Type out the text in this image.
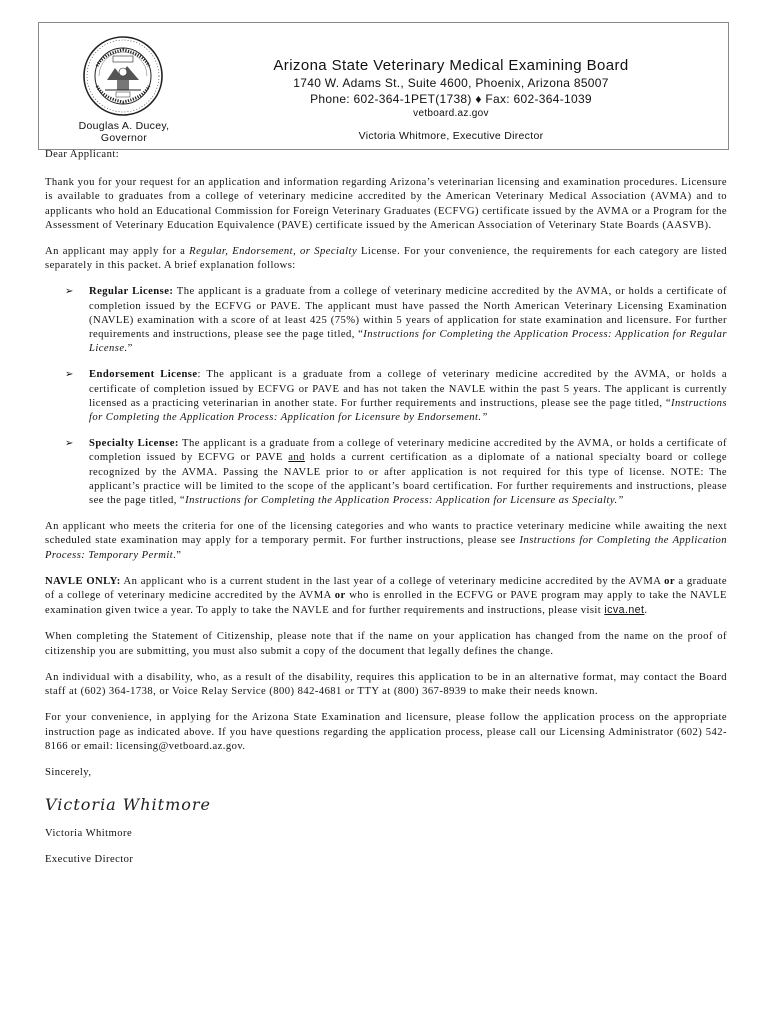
Douglas A. Ducey,
Governor
Arizona State Veterinary Medical Examining Board
1740 W. Adams St., Suite 4600, Phoenix, Arizona 85007
Phone: 602-364-1PET(1738) ♦ Fax: 602-364-1039
vetboard.az.gov
Victoria Whitmore, Executive Director

Dear Applicant:

Thank you for your request for an application and information regarding Arizona’s veterinarian licensing and examination procedures. Licensure is available to graduates from a college of veterinary medicine accredited by the American Veterinary Medical Association (AVMA) and to applicants who hold an Educational Commission for Foreign Veterinary Graduates (ECFVG) certificate issued by the AVMA or a Program for the Assessment of Veterinary Education Equivalence (PAVE) certificate issued by the American Association of Veterinary State Boards (AASVB).

An applicant may apply for a Regular, Endorsement, or Specialty License. For your convenience, the requirements for each category are listed separately in this packet. A brief explanation follows:

➢	Regular License: The applicant is a graduate from a college of veterinary medicine accredited by the AVMA, or holds a certificate of completion issued by the ECFVG or PAVE. The applicant must have passed the North American Veterinary Licensing Examination (NAVLE) examination with a score of at least 425 (75%) within 5 years of application for state examination and licensure. For further requirements and instructions, please see the page titled, “Instructions for Completing the Application Process: Application for Regular License.”
➢	Endorsement License: The applicant is a graduate from a college of veterinary medicine accredited by the AVMA, or holds a certificate of completion issued by ECFVG or PAVE and has not taken the NAVLE within the past 5 years. The applicant is currently licensed as a practicing veterinarian in another state. For further requirements and instructions, please see the page titled, “Instructions for Completing the Application Process: Application for Licensure by Endorsement.”
➢	Specialty License: The applicant is a graduate from a college of veterinary medicine accredited by the AVMA, or holds a certificate of completion issued by ECFVG or PAVE and holds a current certification as a diplomate of a national specialty board or college recognized by the AVMA. Passing the NAVLE prior to or after application is not required for this type of license. NOTE: The applicant’s practice will be limited to the scope of the applicant’s board certification. For further requirements and instructions, please see the page titled, “Instructions for Completing the Application Process: Application for Licensure as Specialty.”

An applicant who meets the criteria for one of the licensing categories and who wants to practice veterinary medicine while awaiting the next scheduled state examination may apply for a temporary permit. For further instructions, please see Instructions for Completing the Application Process: Temporary Permit.”

NAVLE ONLY: An applicant who is a current student in the last year of a college of veterinary medicine accredited by the AVMA or a graduate of a college of veterinary medicine accredited by the AVMA or who is enrolled in the ECFVG or PAVE program may apply to take the NAVLE examination given twice a year. To apply to take the NAVLE and for further requirements and instructions, please visit icva.net.

When completing the Statement of Citizenship, please note that if the name on your application has changed from the name on the proof of citizenship you are submitting, you must also submit a copy of the document that legally defines the change.

An individual with a disability, who, as a result of the disability, requires this application to be in an alternative format, may contact the Board staff at (602) 364-1738, or Voice Relay Service (800) 842-4681 or TTY at (800) 367-8939 to make their needs known.

For your convenience, in applying for the Arizona State Examination and licensure, please follow the application process on the appropriate instruction page as indicated above. If you have questions regarding the application process, please call our Licensing Administrator (602) 542-8166 or email: licensing@vetboard.az.gov.

Sincerely,

Victoria Whitmore

Victoria Whitmore

Executive Director
